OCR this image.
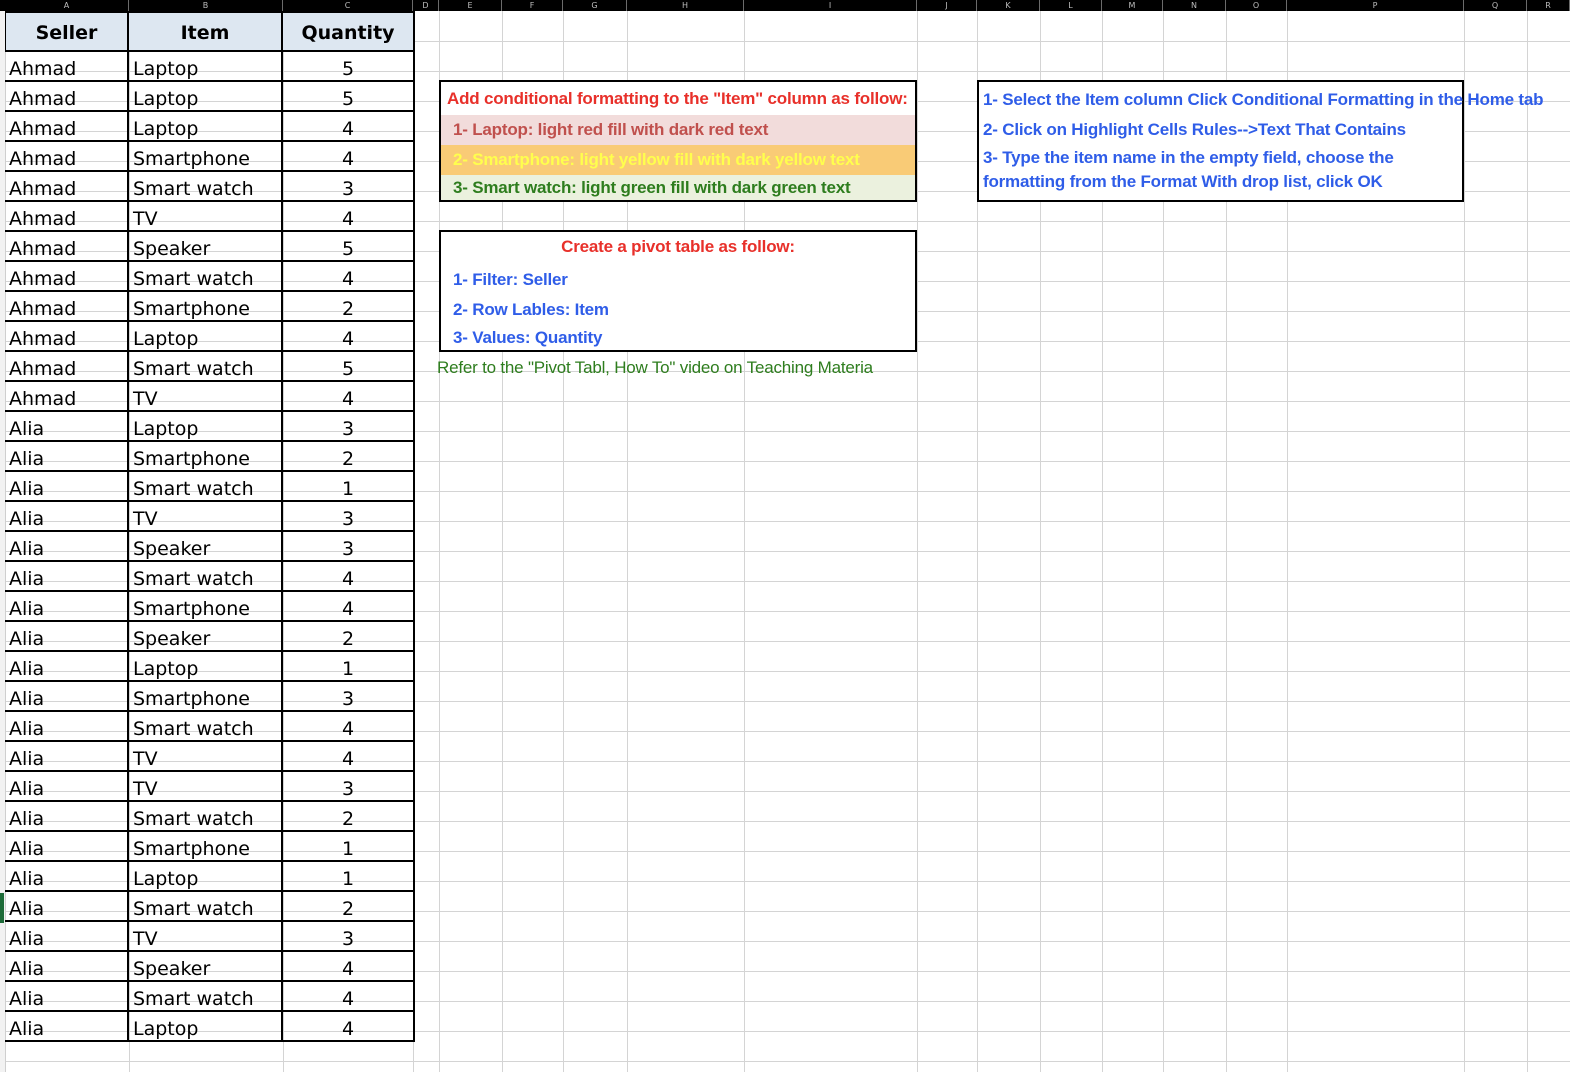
A	B	C	D	E	F	G	H	I	J	K	L	M	N	O	P	Q	R
Seller	Item	Quantity
Ahmad	Laptop	5
Ahmad	Laptop	5
Ahmad	Laptop	4
Ahmad	Smartphone	4
Ahmad	Smart watch	3
Ahmad	TV	4
Ahmad	Speaker	5
Ahmad	Smart watch	4
Ahmad	Smartphone	2
Ahmad	Laptop	4
Ahmad	Smart watch	5
Ahmad	TV	4
Alia	Laptop	3
Alia	Smartphone	2
Alia	Smart watch	1
Alia	TV	3
Alia	Speaker	3
Alia	Smart watch	4
Alia	Smartphone	4
Alia	Speaker	2
Alia	Laptop	1
Alia	Smartphone	3
Alia	Smart watch	4
Alia	TV	4
Alia	TV	3
Alia	Smart watch	2
Alia	Smartphone	1
Alia	Laptop	1
Alia	Smart watch	2
Alia	TV	3
Alia	Speaker	4
Alia	Smart watch	4
Alia	Laptop	4
Add conditional formatting to the "Item" column as follow:
1- Laptop: light red fill with dark red text
2- Smartphone: light yellow fill with dark yellow text
3- Smart watch: light green fill with dark green text
Create a pivot table as follow:
1- Filter: Seller
2- Row Lables: Item
3- Values: Quantity
Refer to the "Pivot Tabl, How To" video on Teaching Materia
1- Select the Item column Click Conditional Formatting in the Home tab
2- Click on Highlight Cells Rules-->Text That Contains
3- Type the item name in the empty field, choose the
formatting from the Format With drop list, click OK
